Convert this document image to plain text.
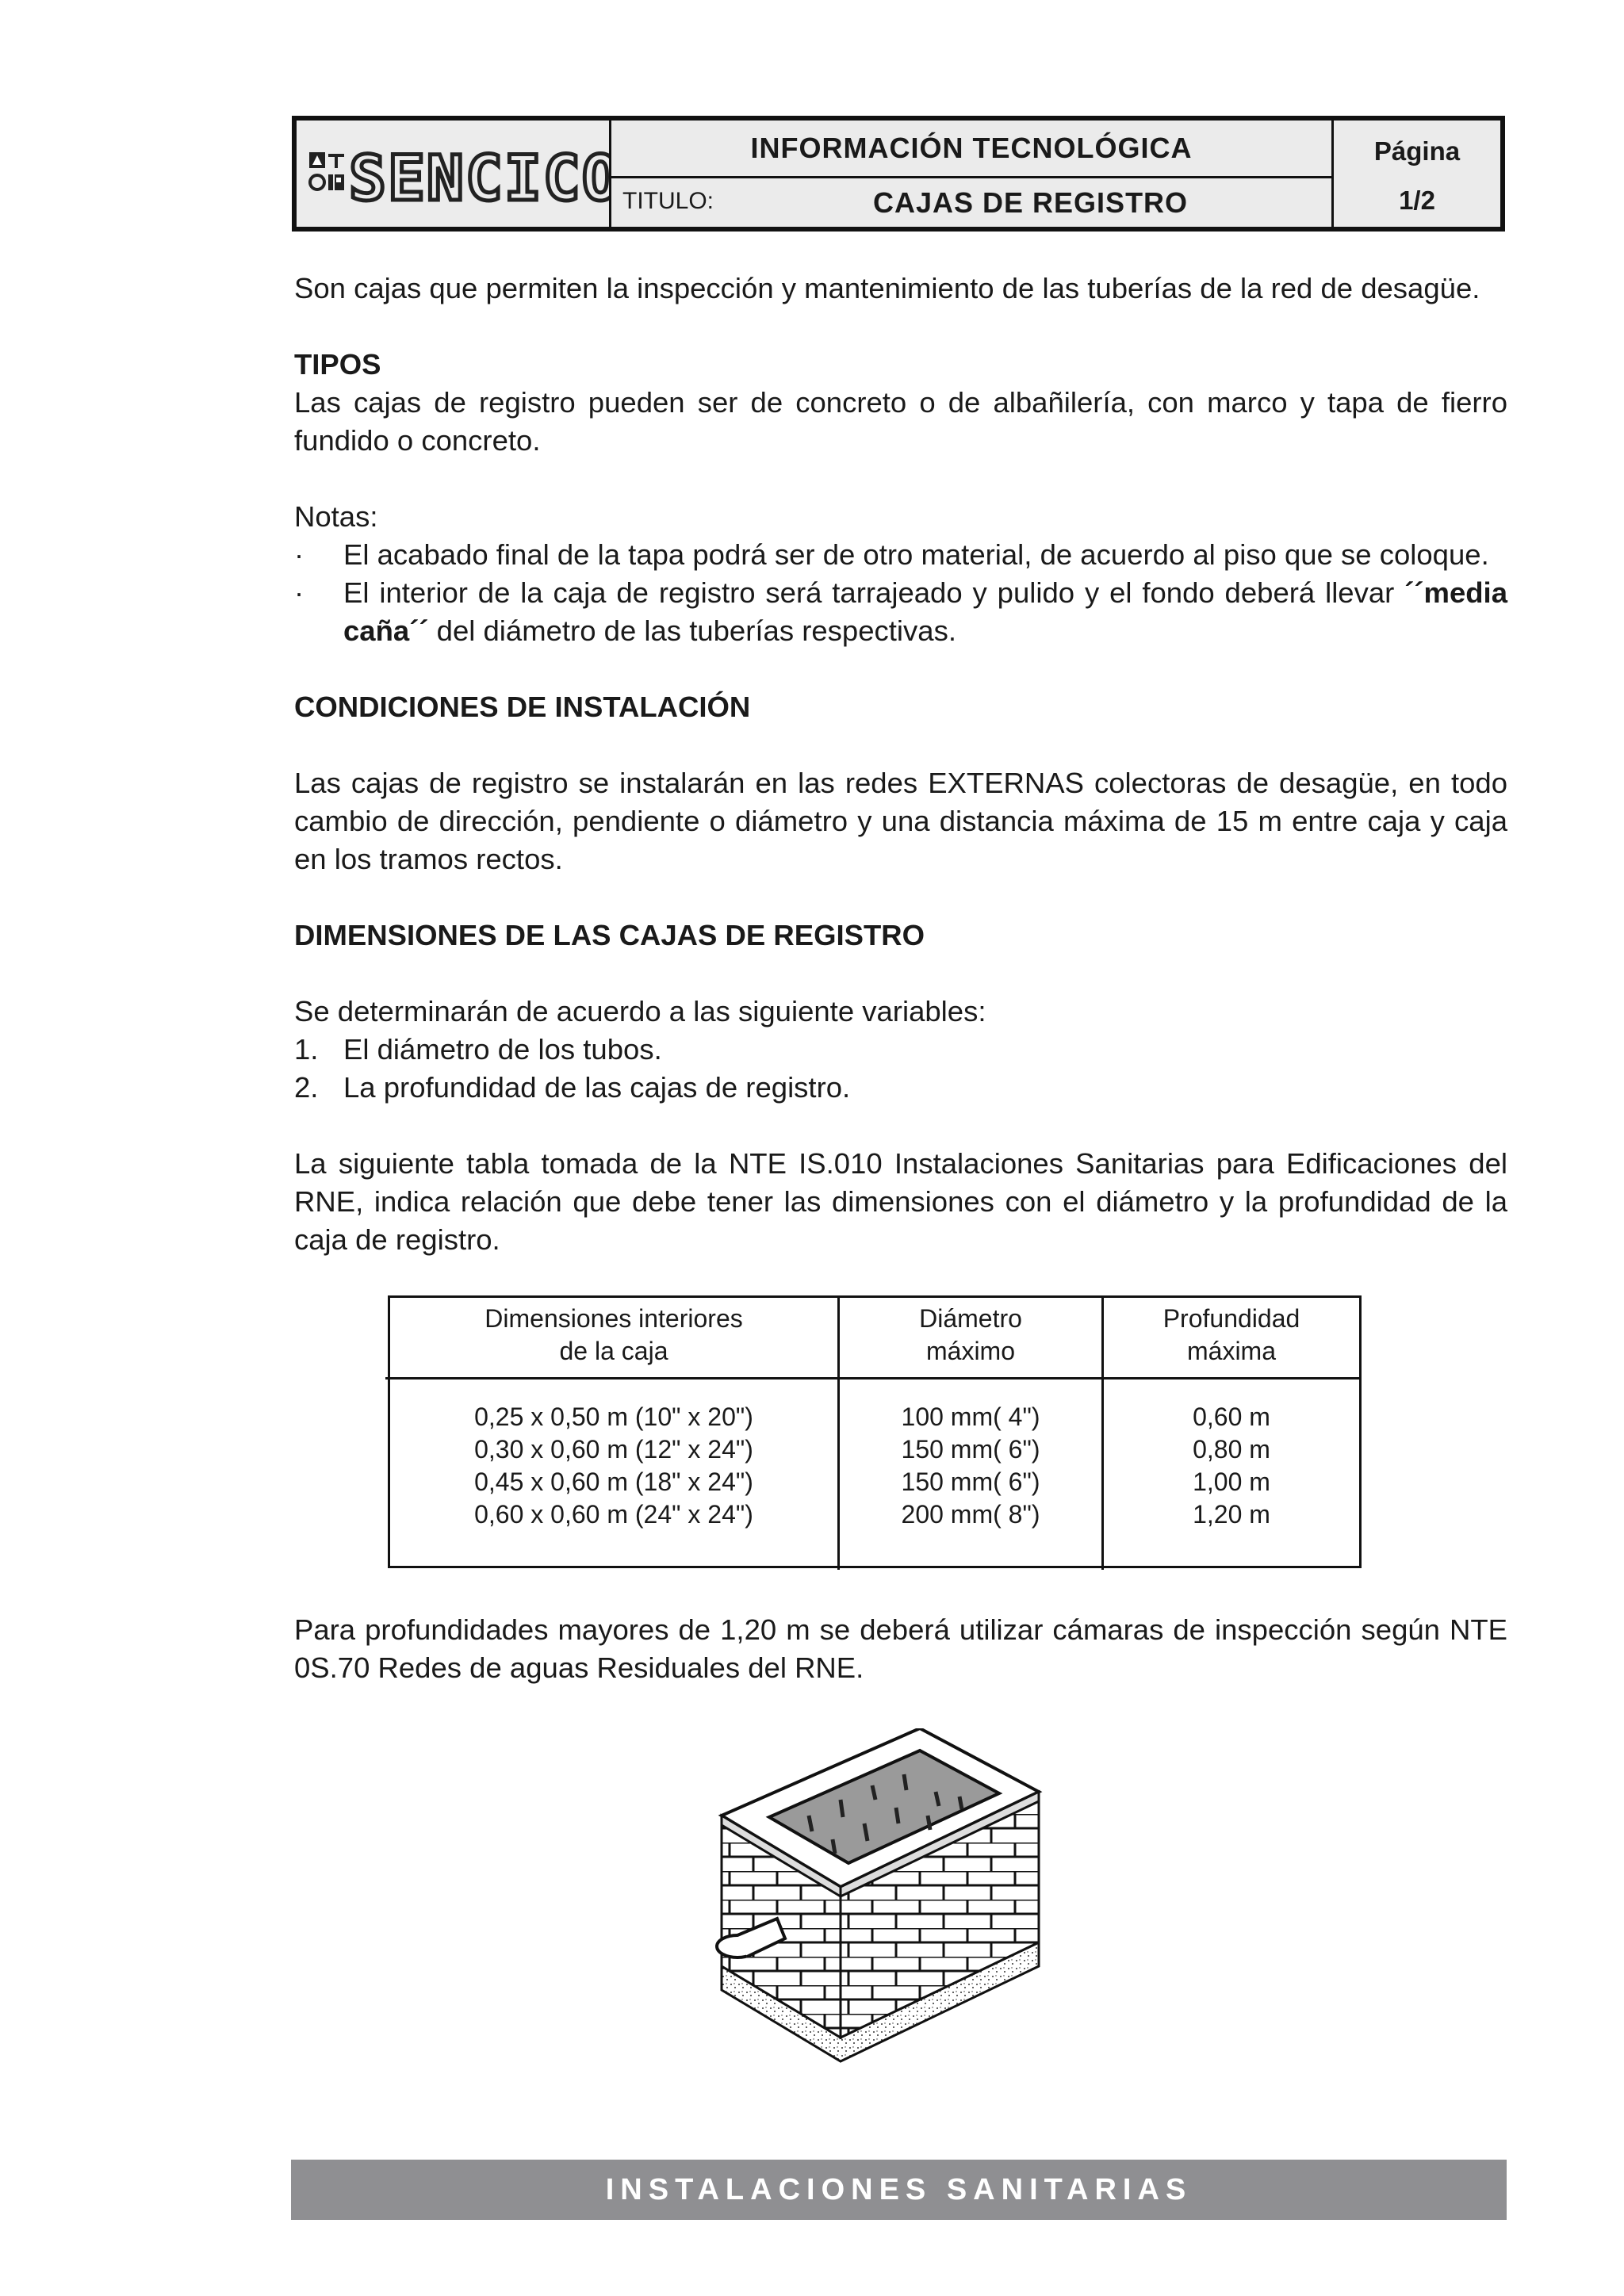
SENCICO	INFORMACIÓN TECNOLÓGICA
TITULO:	CAJAS DE REGISTRO
Página
1/2

Son cajas que permiten la inspección y mantenimiento de las tuberías de la red de desagüe.

TIPOS

Las cajas de registro pueden ser de concreto o de albañilería, con marco y tapa de fierro fundido o concreto.

Notas:

· El acabado final de la tapa podrá ser de otro material, de acuerdo al piso que se coloque.

· El interior de la caja de registro será tarrajeado y pulido y el fondo deberá llevar ´´media caña´´ del diámetro de las tuberías respectivas.

CONDICIONES DE INSTALACIÓN

Las cajas de registro se instalarán en las redes EXTERNAS colectoras de desagüe, en todo cambio de dirección, pendiente o diámetro y una distancia máxima de 15 m entre caja y caja en los tramos rectos.

DIMENSIONES DE LAS CAJAS DE REGISTRO

Se determinarán de acuerdo a las siguiente variables:

1. El diámetro de los tubos.

2. La profundidad de las cajas de registro.

La siguiente tabla tomada de la NTE IS.010 Instalaciones Sanitarias para Edificaciones del RNE, indica relación que debe tener las dimensiones con el diámetro y la profundidad de la caja de registro.

Dimensiones interiores
de la caja
0,25 x 0,50 m (10" x 20")
0,30 x 0,60 m (12" x 24")
0,45 x 0,60 m (18" x 24")
0,60 x 0,60 m (24" x 24")
Diámetro
máximo
100 mm( 4")
150 mm( 6")
150 mm( 6")
200 mm( 8")
Profundidad
máxima
0,60 m
0,80 m
1,00 m
1,20 m

Para profundidades mayores de 1,20 m se deberá utilizar cámaras de inspección según NTE 0S.70 Redes de aguas Residuales del RNE.

INSTALACIONES SANITARIAS
